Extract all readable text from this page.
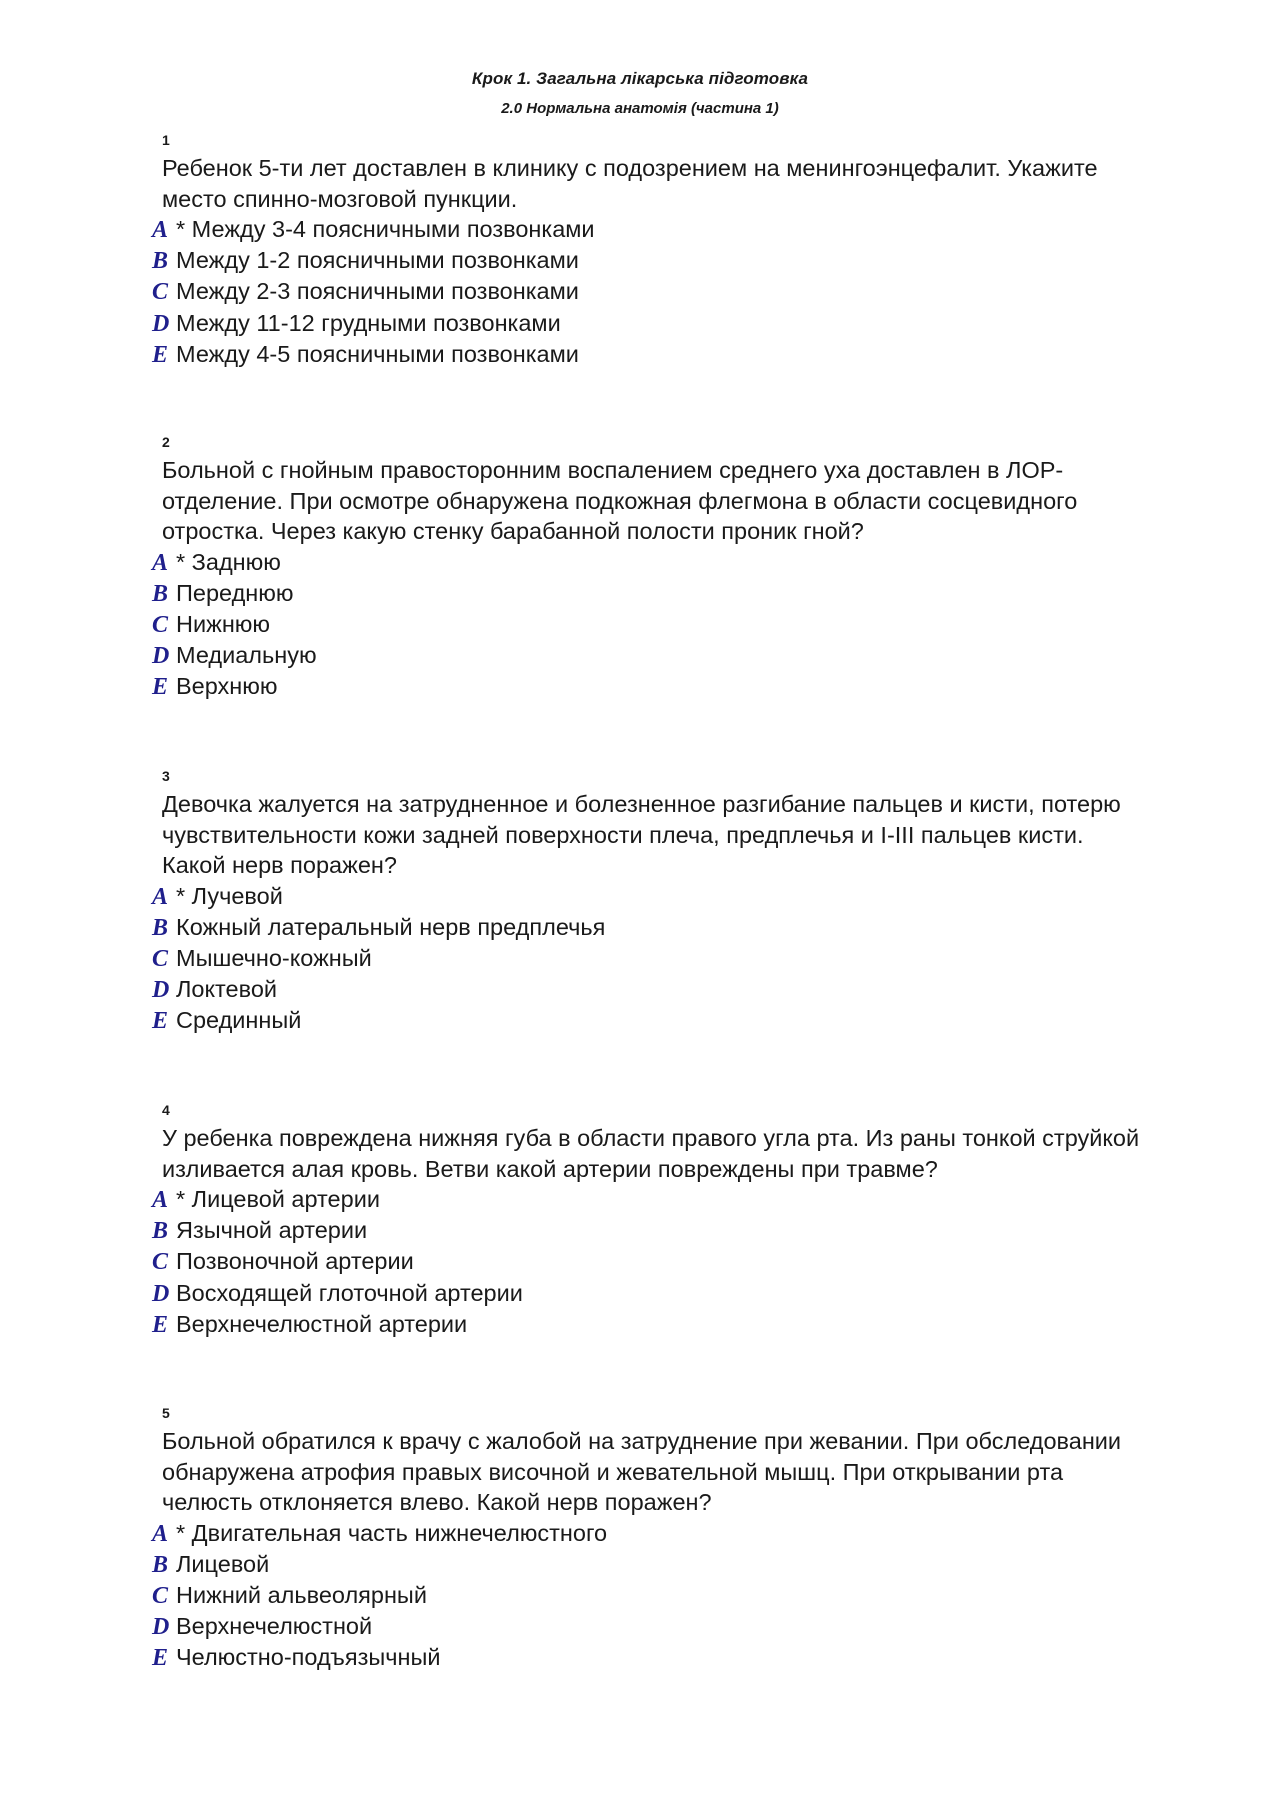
Крок 1. Загальна лікарська підготовка
2.0 Нормальна анатомія (частина 1)
1
Ребенок 5-ти лет доставлен в клинику с подозрением на менингоэнцефалит. Укажите место спинно-мозговой пункции.
A * Между 3-4 поясничными позвонками
B Между 1-2 поясничными позвонками
C Между 2-3 поясничными позвонками
D Между 11-12 грудными позвонками
E Между 4-5 поясничными позвонками
2
Больной с гнойным правосторонним воспалением среднего уха доставлен в ЛОР-отделение. При осмотре обнаружена подкожная флегмона в области сосцевидного отростка. Через какую стенку барабанной полости проник гной?
A * Заднюю
B Переднюю
C Нижнюю
D Медиальную
E Верхнюю
3
Девочка жалуется на затрудненное и болезненное разгибание пальцев и кисти, потерю чувствительности кожи задней поверхности плеча, предплечья и I-III пальцев кисти. Какой нерв поражен?
A * Лучевой
B Кожный латеральный нерв предплечья
C Мышечно-кожный
D Локтевой
E Срединный
4
У ребенка повреждена нижняя губа в области правого угла рта. Из раны тонкой струйкой изливается алая кровь. Ветви какой артерии повреждены при травме?
A * Лицевой артерии
B Язычной артерии
C Позвоночной артерии
D Восходящей глоточной артерии
E Верхнечелюстной артерии
5
Больной обратился к врачу с жалобой на затруднение при жевании. При обследовании обнаружена атрофия правых височной и жевательной мышц. При открывании рта челюсть отклоняется влево. Какой нерв поражен?
A * Двигательная часть нижнечелюстного
B Лицевой
C Нижний альвеолярный
D Верхнечелюстной
E Челюстно-подъязычный
